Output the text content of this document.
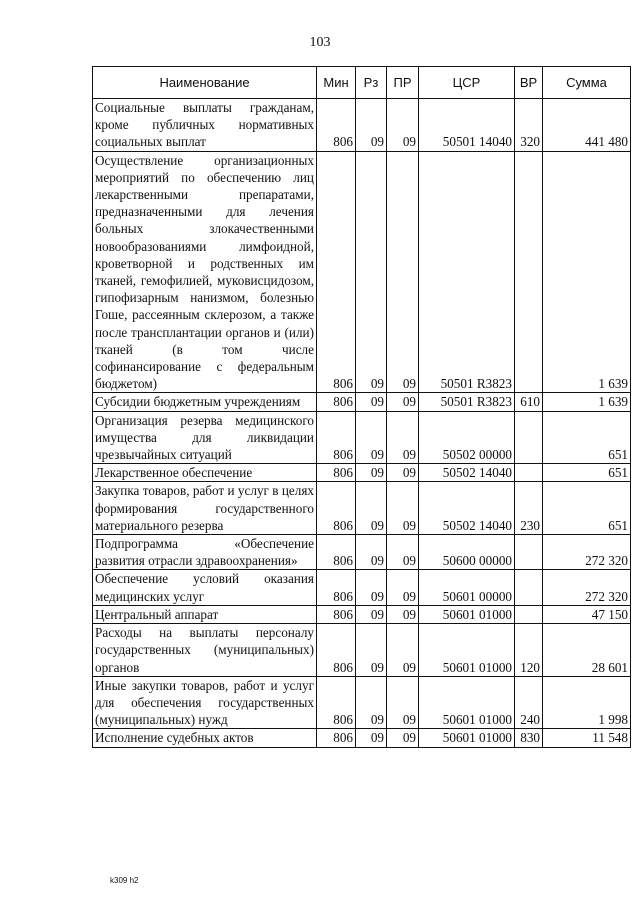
103
Наименование	Мин	Рз	ПР	ЦСР	ВР	Сумма
Социальные выплаты гражданам, кроме публичных нормативных социальных выплат	806	09	09	50501 14040	320	441 480
Осуществление организационных мероприятий по обеспечению лиц лекарственными препаратами, предназначенными для лечения больных злокачественными новообразованиями лимфоидной, кроветворной и родственных им тканей, гемофилией, муковисцидозом, гипофизарным нанизмом, болезнью Гоше, рассеянным склерозом, а также после трансплантации органов и (или) тканей (в том числе софинансирование с федеральным бюджетом)	806	09	09	50501 R3823		1 639
Субсидии бюджетным учреждениям	806	09	09	50501 R3823	610	1 639
Организация резерва медицинского имущества для ликвидации чрезвычайных ситуаций	806	09	09	50502 00000		651
Лекарственное обеспечение	806	09	09	50502 14040		651
Закупка товаров, работ и услуг в целях формирования государственного материального резерва	806	09	09	50502 14040	230	651
Подпрограмма «Обеспечение развития отрасли здравоохранения»	806	09	09	50600 00000		272 320
Обеспечение условий оказания медицинских услуг	806	09	09	50601 00000		272 320
Центральный аппарат	806	09	09	50601 01000		47 150
Расходы на выплаты персоналу государственных (муниципальных) органов	806	09	09	50601 01000	120	28 601
Иные закупки товаров, работ и услуг для обеспечения государственных (муниципальных) нужд	806	09	09	50601 01000	240	1 998
Исполнение судебных актов	806	09	09	50601 01000	830	11 548
k309 h2
